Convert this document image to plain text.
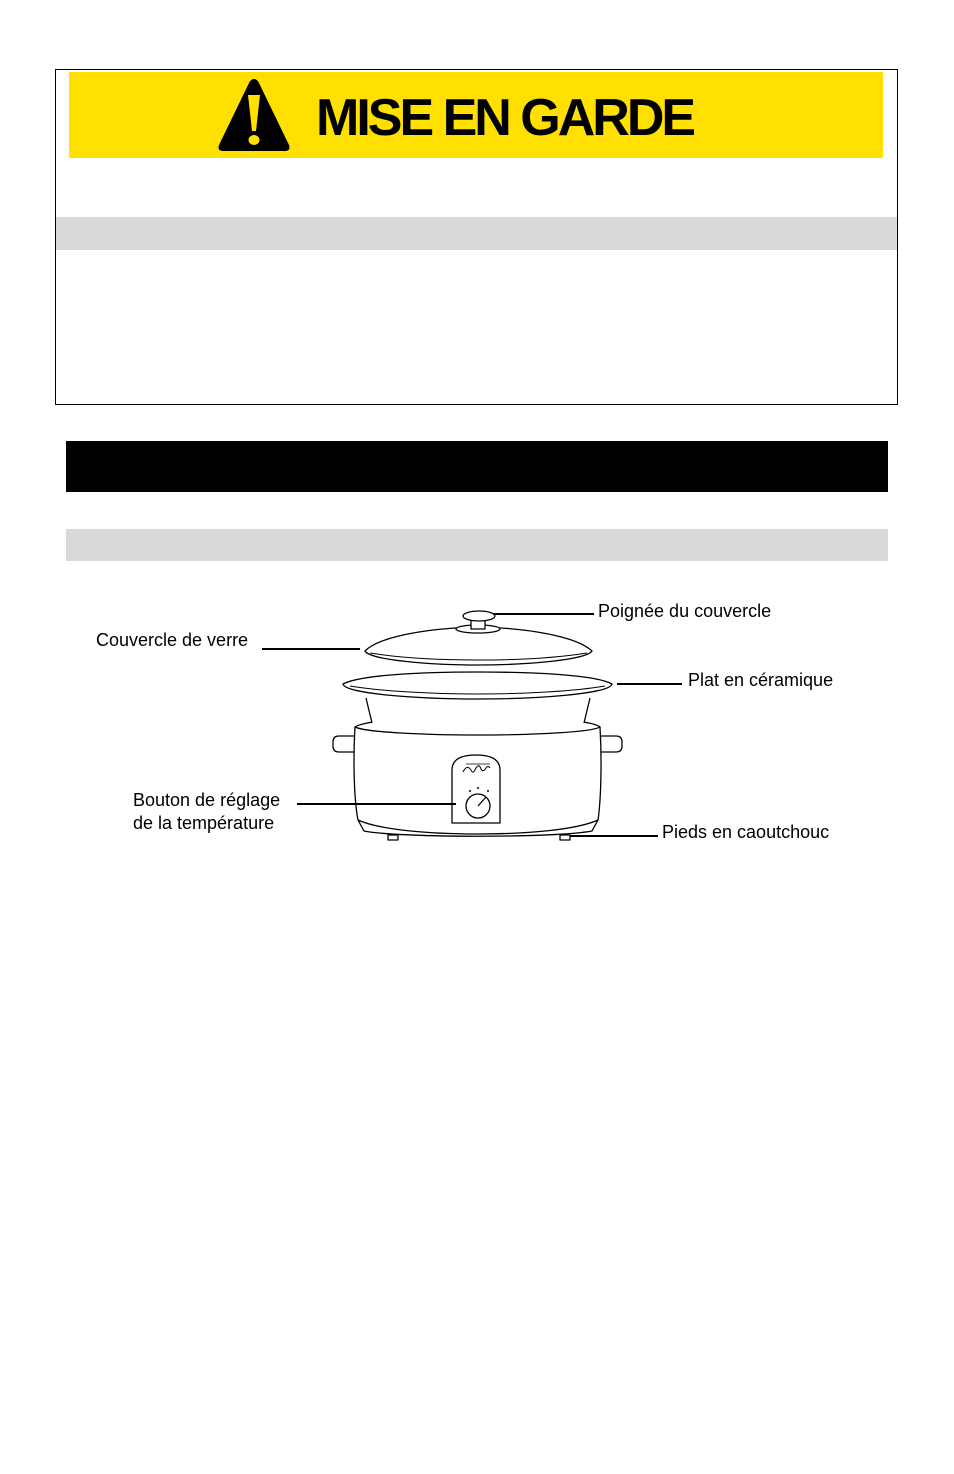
MISE EN GARDE
Poignée du couvercle
Couvercle de verre
Plat en céramique
Bouton de réglage
de la température	Pieds en caoutchouc
